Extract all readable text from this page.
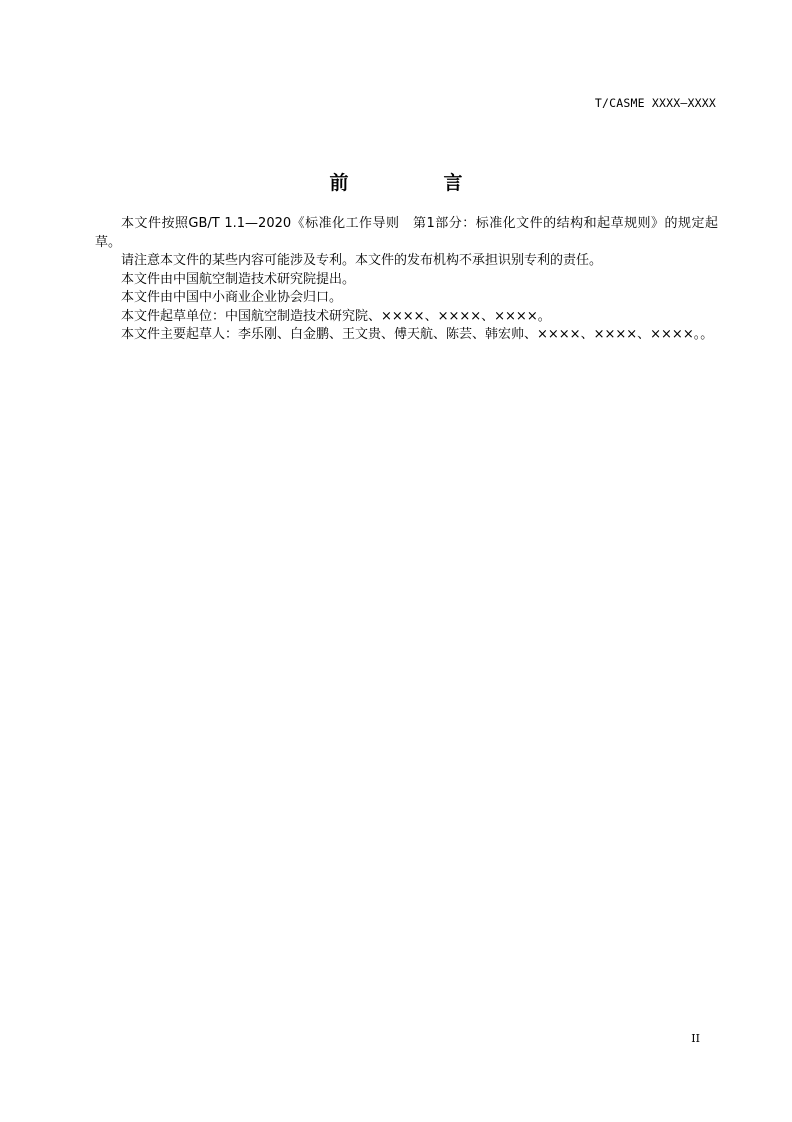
T/CASME XXXX—XXXX
前　言

本文件按照GB/T 1.1—2020《标准化工作导则　第1部分：标准化文件的结构和起草规则》的规定起草。

请注意本文件的某些内容可能涉及专利。本文件的发布机构不承担识别专利的责任。

本文件由中国航空制造技术研究院提出。

本文件由中国中小商业企业协会归口。

本文件起草单位：中国航空制造技术研究院、××××、××××、××××。

本文件主要起草人：李乐刚、白金鹏、王文贵、傅天航、陈芸、韩宏帅、××××、××××、××××。。

II
